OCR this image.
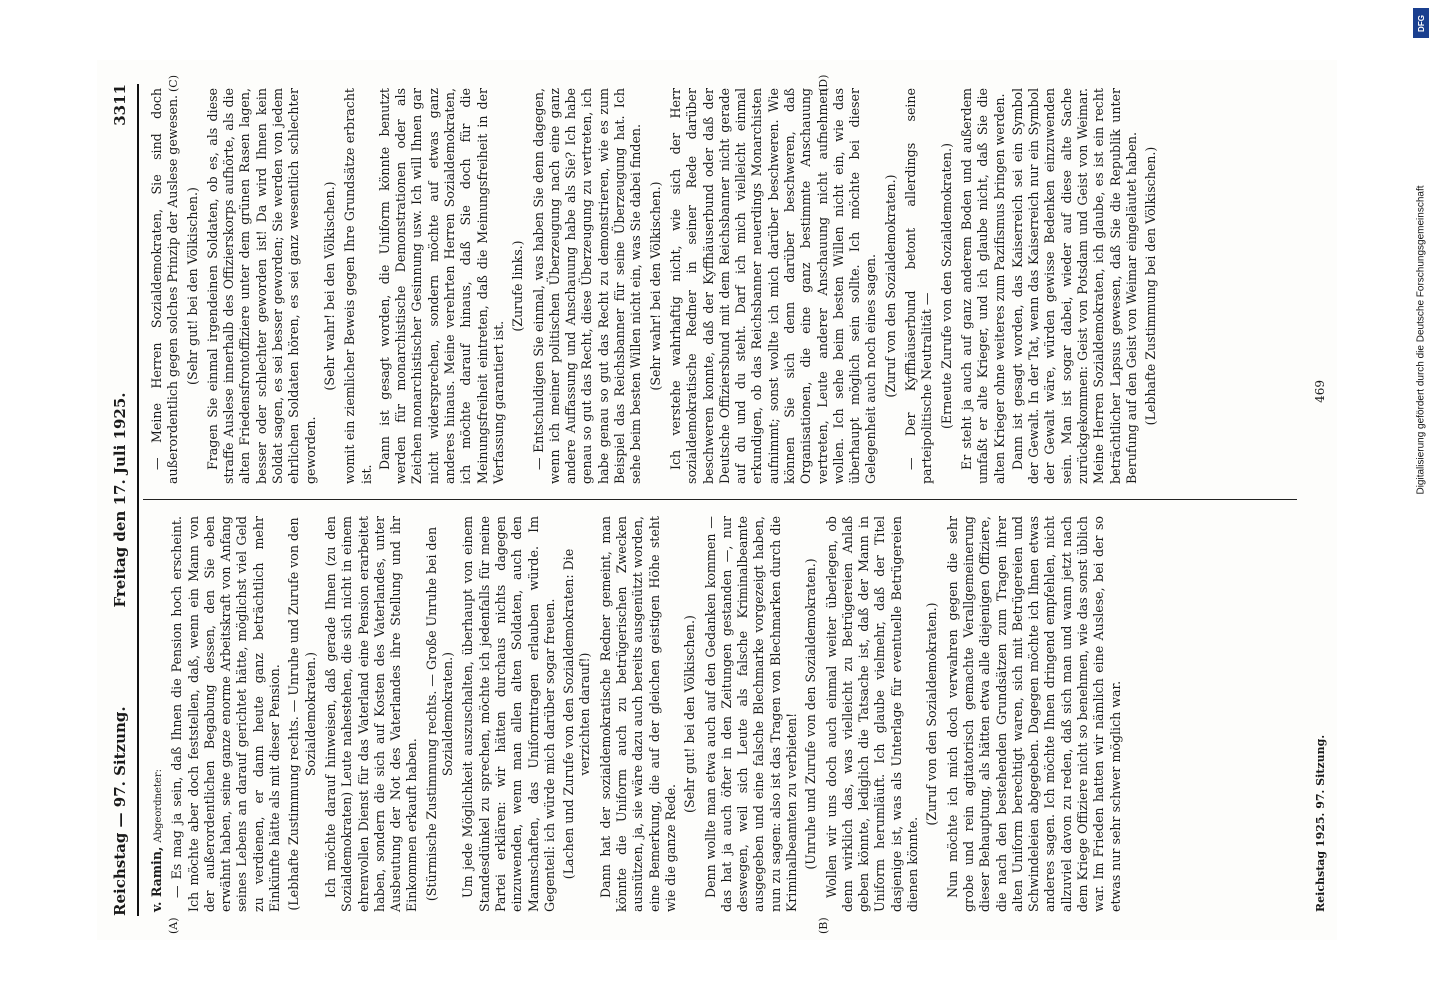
Reichstag — 97. Sitzung.
Freitag den 17. Juli 1925.
3311
(A)	(B)
(C)	(D)

v. Ramin, Abgeordneter: — Es mag ja sein, daß Ihnen die Pension hoch erscheint. Ich möchte aber doch feststellen, daß, wenn ein Mann von der außerordentlichen Begabung dessen, den Sie eben erwähnt haben, seine ganze enorme Arbeitskraft von Anfang seines Lebens an darauf gerichtet hätte, möglichst viel Geld zu verdienen, er dann heute ganz beträchtlich mehr Einkünfte hätte als mit dieser Pension. (Lebhafte Zustimmung rechts. — Unruhe und Zurufe von den Sozialdemokraten.) Ich möchte darauf hinweisen, daß gerade Ihnen (zu den Sozialdemokraten) Leute nahestehen, die sich nicht in einem ehrenvollen Dienst für das Vaterland eine Pension erarbeitet haben, sondern die sich auf Kosten des Vaterlandes, unter Ausbeutung der Not des Vaterlandes ihre Stellung und ihr Einkommen erkauft haben. (Stürmische Zustimmung rechts. — Große Unruhe bei den Sozialdemokraten.) Um jede Möglichkeit auszuschalten, überhaupt von einem Standesdünkel zu sprechen, möchte ich jedenfalls für meine Partei erklären: wir hätten durchaus nichts dagegen einzuwenden, wenn man allen alten Soldaten, auch den Mannschaften, das Uniformtragen erlauben würde. Im Gegenteil: ich würde mich darüber sogar freuen. (Lachen und Zurufe von den Sozialdemokraten: Die verzichten darauf!) Dann hat der sozialdemokratische Redner gemeint, man könnte die Uniform auch zu betrügerischen Zwecken ausnützen, ja, sie wäre dazu auch bereits ausgenützt worden, eine Bemerkung, die auf der gleichen geistigen Höhe steht wie die ganze Rede.

(Sehr gut! bei den Völkischen.) Denn wollte man etwa auch auf den Gedanken kommen — das hat ja auch öfter in den Zeitungen gestanden —, nur deswegen, weil sich Leute als falsche Kriminalbeamte ausgegeben und eine falsche Blechmarke vorgezeigt haben, nun zu sagen: also ist das Tragen von Blechmarken durch die Kriminalbeamten zu verbieten! (Unruhe und Zurufe von den Sozialdemokraten.) Wollen wir uns doch auch einmal weiter überlegen, ob denn wirklich das, was vielleicht zu Betrügereien Anlaß geben könnte, lediglich die Tatsache ist, daß der Mann in Uniform herumläuft. Ich glaube vielmehr, daß der Titel dasjenige ist, was als Unterlage für eventuelle Betrügereien dienen könnte.

(Zuruf von den Sozialdemokraten.) Nun möchte ich mich doch verwahren gegen die sehr grobe und rein agitatorisch gemachte Verallgemeinerung dieser Behauptung, als hätten etwa alle diejenigen Offiziere, die nach den bestehenden Grundsätzen zum Tragen ihrer alten Uniform berechtigt waren, sich mit Betrügereien und Schwindeleien abgegeben. Dagegen möchte ich Ihnen etwas anderes sagen. Ich möchte Ihnen dringend empfehlen, nicht allzuviel davon zu reden, daß sich man und wann jetzt nach dem Kriege Offiziere nicht so benehmen, wie das sonst üblich war. Im Frieden hatten wir nämlich eine Auslese, bei der so etwas nur sehr schwer möglich war.

— Meine Herren Sozialdemokraten, Sie sind doch außerordentlich gegen solches Prinzip der Auslese gewesen. (Sehr gut! bei den Völkischen.) Fragen Sie einmal irgendeinen Soldaten, ob es, als diese straffe Auslese innerhalb des Offizierskorps aufhörte, als die alten Friedensfrontoffiziere unter dem grünen Rasen lagen, besser oder schlechter geworden ist! Da wird Ihnen kein Soldat sagen, es sei besser geworden; Sie werden von jedem ehrlichen Soldaten hören, es sei ganz wesentlich schlechter geworden.

(Sehr wahr! bei den Völkischen.) womit ein ziemlicher Beweis gegen Ihre Grundsätze erbracht ist.

Dann ist gesagt worden, die Uniform könnte benutzt werden für monarchistische Demonstrationen oder als Zeichen monarchistischer Gesinnung usw. Ich will Ihnen gar nicht widersprechen, sondern möchte auf etwas ganz anderes hinaus. Meine verehrten Herren Sozialdemokraten, ich möchte darauf hinaus, daß Sie doch für die Meinungsfreiheit eintreten, daß die Meinungsfreiheit in der Verfassung garantiert ist.

(Zurufe links.) — Entschuldigen Sie einmal, was haben Sie denn dagegen, wenn ich meiner politischen Überzeugung nach eine ganz andere Auffassung und Anschauung habe als Sie? Ich habe genau so gut das Recht, diese Überzeugung zu vertreten, ich habe genau so gut das Recht zu demonstrieren, wie es zum Beispiel das Reichsbanner für seine Überzeugung hat. Ich sehe beim besten Willen nicht ein, was Sie dabei finden. (Sehr wahr! bei den Völkischen.) Ich verstehe wahrhaftig nicht, wie sich der Herr sozialdemokratische Redner in seiner Rede darüber beschweren konnte, daß der Kyffhäuserbund oder daß der Deutsche Offiziersbund mit dem Reichsbanner nicht gerade auf du und du steht. Darf ich mich vielleicht einmal erkundigen, ob das Reichsbanner neuerdings Monarchisten aufnimmt; sonst wollte ich mich darüber beschweren. Wie können Sie sich denn darüber beschweren, daß Organisationen, die eine ganz bestimmte Anschauung vertreten, Leute anderer Anschauung nicht aufnehmen wollen. Ich sehe beim besten Willen nicht ein, wie das überhaupt möglich sein sollte. Ich möchte bei dieser Gelegenheit auch noch eines sagen. (Zuruf von den Sozialdemokraten.) — Der Kyffhäuserbund betont allerdings seine parteipolitische Neutralität — (Erneute Zurufe von den Sozialdemokraten.) Er steht ja auch auf ganz anderem Boden und außerdem umfaßt er alte Krieger, und ich glaube nicht, daß Sie die alten Krieger ohne weiteres zum Pazifismus bringen werden. Dann ist gesagt worden, das Kaiserreich sei ein Symbol der Gewalt. In der Tat, wenn das Kaiserreich nur ein Symbol der Gewalt wäre, würden gewisse Bedenken einzuwenden sein. Man ist sogar dabei, wieder auf diese alte Sache zurückgekommen: Geist von Potsdam und Geist von Weimar. Meine Herren Sozialdemokraten, ich glaube, es ist ein recht beträchtlicher Lapsus gewesen, daß Sie die Republik unter Berufung auf den Geist von Weimar eingeläutet haben. (Lebhafte Zustimmung bei den Völkischen.)

Reichstag 1925. 97. Sitzung.
469
DFG
Digitalisierung gefördert durch die Deutsche Forschungsgemeinschaft
